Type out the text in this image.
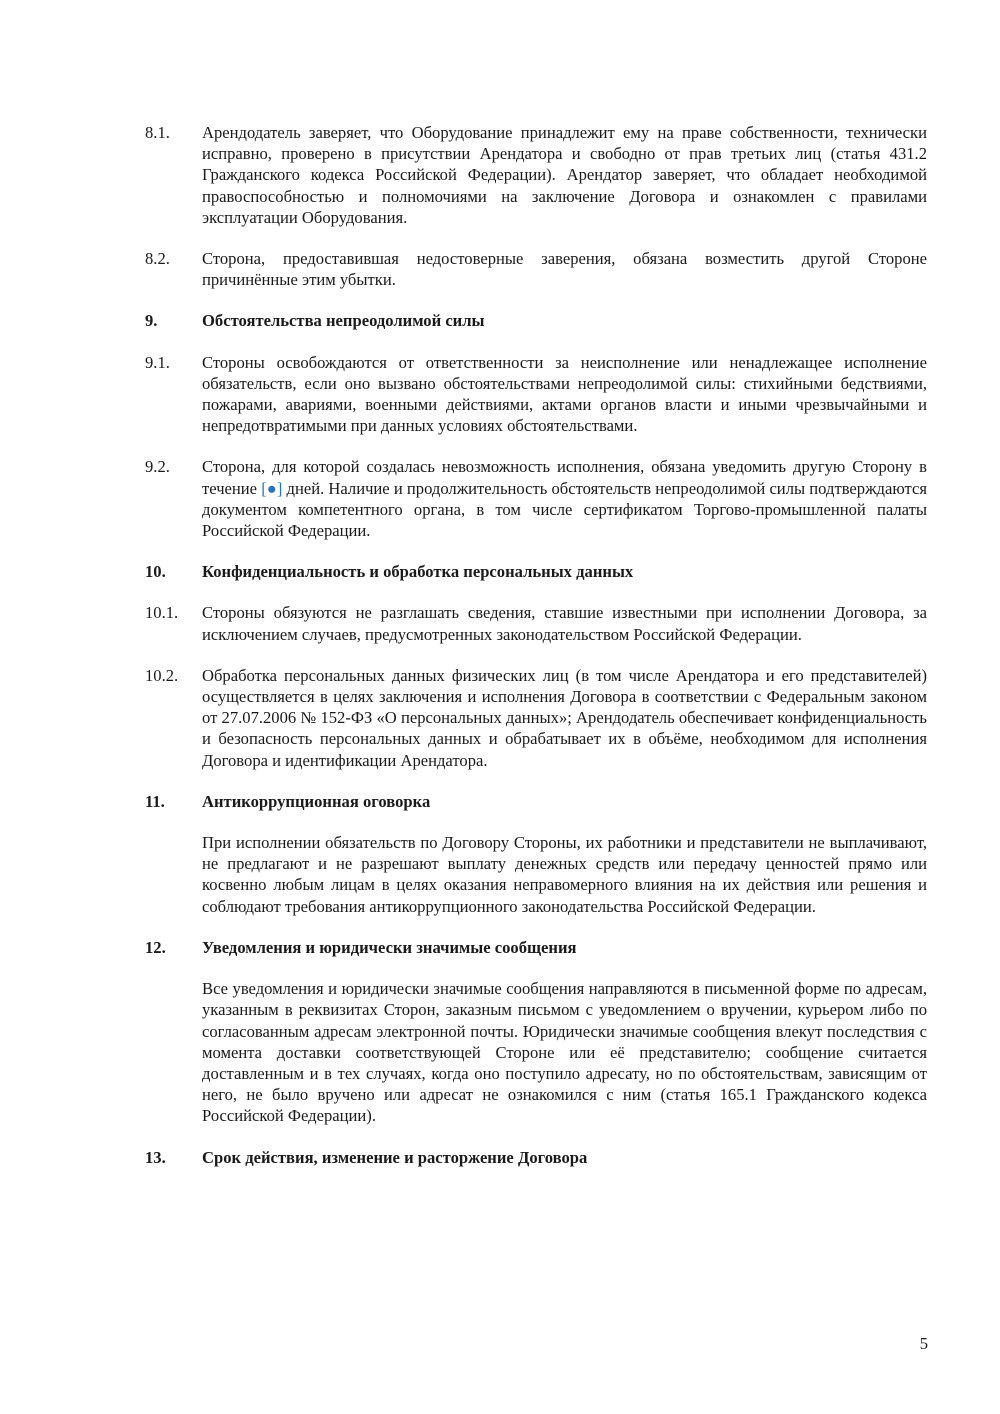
8.1.	Арендодатель заверяет, что Оборудование принадлежит ему на праве собственности, технически исправно, проверено в присутствии Арендатора и свободно от прав третьих лиц (статья 431.2 Гражданского кодекса Российской Федерации). Арендатор заверяет, что обладает необходимой правоспособностью и полномочиями на заключение Договора и ознакомлен с правилами эксплуатации Оборудования.
8.2.	Сторона, предоставившая недостоверные заверения, обязана возместить другой Стороне причинённые этим убытки.
9.	Обстоятельства непреодолимой силы
9.1.	Стороны освобождаются от ответственности за неисполнение или ненадлежащее исполнение обязательств, если оно вызвано обстоятельствами непреодолимой силы: стихийными бедствиями, пожарами, авариями, военными действиями, актами органов власти и иными чрезвычайными и непредотвратимыми при данных условиях обстоятельствами.
9.2.	Сторона, для которой создалась невозможность исполнения, обязана уведомить другую Сторону в течение [●] дней. Наличие и продолжительность обстоятельств непреодолимой силы подтверждаются документом компетентного органа, в том числе сертификатом Торгово-промышленной палаты Российской Федерации.
10.	Конфиденциальность и обработка персональных данных
10.1.	Стороны обязуются не разглашать сведения, ставшие известными при исполнении Договора, за исключением случаев, предусмотренных законодательством Российской Федерации.
10.2.	Обработка персональных данных физических лиц (в том числе Арендатора и его представителей) осуществляется в целях заключения и исполнения Договора в соответствии с Федеральным законом от 27.07.2006 № 152-ФЗ «О персональных данных»; Арендодатель обеспечивает конфиденциальность и безопасность персональных данных и обрабатывает их в объёме, необходимом для исполнения Договора и идентификации Арендатора.
11.	Антикоррупционная оговорка
При исполнении обязательств по Договору Стороны, их работники и представители не выплачивают, не предлагают и не разрешают выплату денежных средств или передачу ценностей прямо или косвенно любым лицам в целях оказания неправомерного влияния на их действия или решения и соблюдают требования антикоррупционного законодательства Российской Федерации.
12.	Уведомления и юридически значимые сообщения
Все уведомления и юридически значимые сообщения направляются в письменной форме по адресам, указанным в реквизитах Сторон, заказным письмом с уведомлением о вручении, курьером либо по согласованным адресам электронной почты. Юридически значимые сообщения влекут последствия с момента доставки соответствующей Стороне или её представителю; сообщение считается доставленным и в тех случаях, когда оно поступило адресату, но по обстоятельствам, зависящим от него, не было вручено или адресат не ознакомился с ним (статья 165.1 Гражданского кодекса Российской Федерации).
13.	Срок действия, изменение и расторжение Договора
5
